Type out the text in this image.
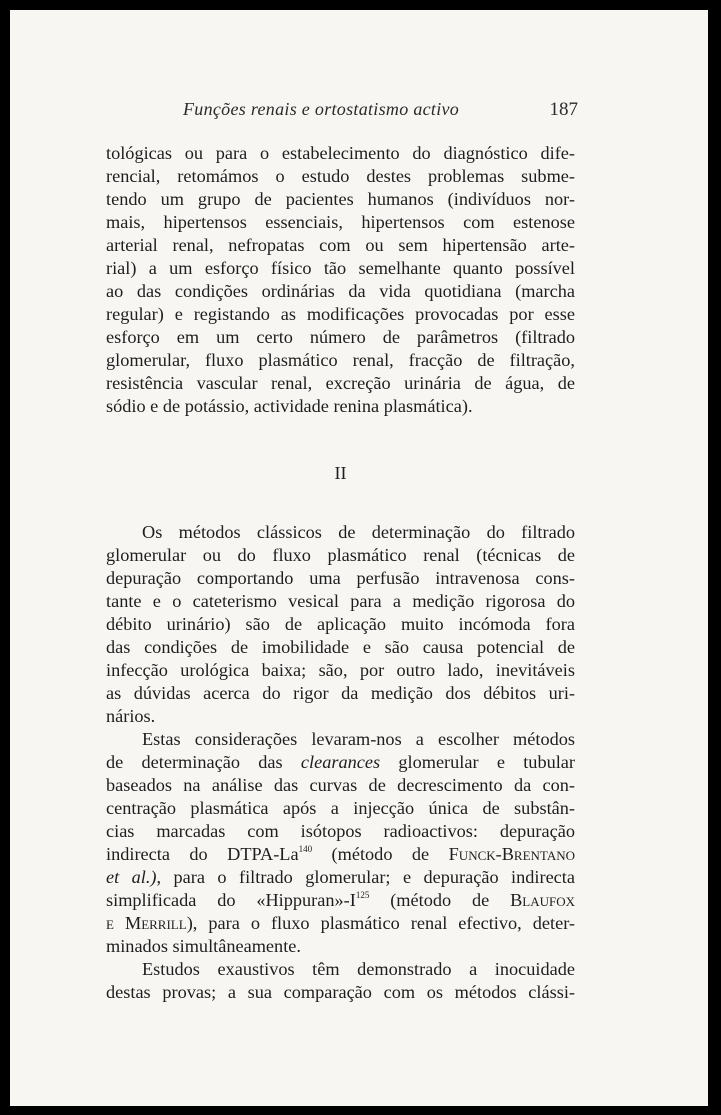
Funções renais e ortostatismo activo	187
tológicas ou para o estabelecimento do diagnóstico dife-
rencial, retomámos o estudo destes problemas subme-
tendo um grupo de pacientes humanos (indivíduos nor-
mais, hipertensos essenciais, hipertensos com estenose
arterial renal, nefropatas com ou sem hipertensão arte-
rial) a um esforço físico tão semelhante quanto possível
ao das condições ordinárias da vida quotidiana (marcha
regular) e registando as modificações provocadas por esse
esforço em um certo número de parâmetros (filtrado
glomerular, fluxo plasmático renal, fracção de filtração,
resistência vascular renal, excreção urinária de água, de
sódio e de potássio, actividade renina plasmática).
II
Os métodos clássicos de determinação do filtrado
glomerular ou do fluxo plasmático renal (técnicas de
depuração comportando uma perfusão intravenosa cons-
tante e o cateterismo vesical para a medição rigorosa do
débito urinário) são de aplicação muito incómoda fora
das condições de imobilidade e são causa potencial de
infecção urológica baixa; são, por outro lado, inevitáveis
as dúvidas acerca do rigor da medição dos débitos uri-
nários.
Estas considerações levaram-nos a escolher métodos
de determinação das clearances glomerular e tubular
baseados na análise das curvas de decrescimento da con-
centração plasmática após a injecção única de substân-
cias marcadas com isótopos radioactivos: depuração
indirecta do DTPA-La$^{140}$ (método de Funck-Brentano
et al.), para o filtrado glomerular; e depuração indirecta
simplificada do «$Hippuran»-I^{125}$ (método de Blaufox
e Merrill), para o fluxo plasmático renal efectivo, deter-
minados simultâneamente.
Estudos exaustivos têm demonstrado a inocuidade
destas provas; a sua comparação com os métodos clássi-
